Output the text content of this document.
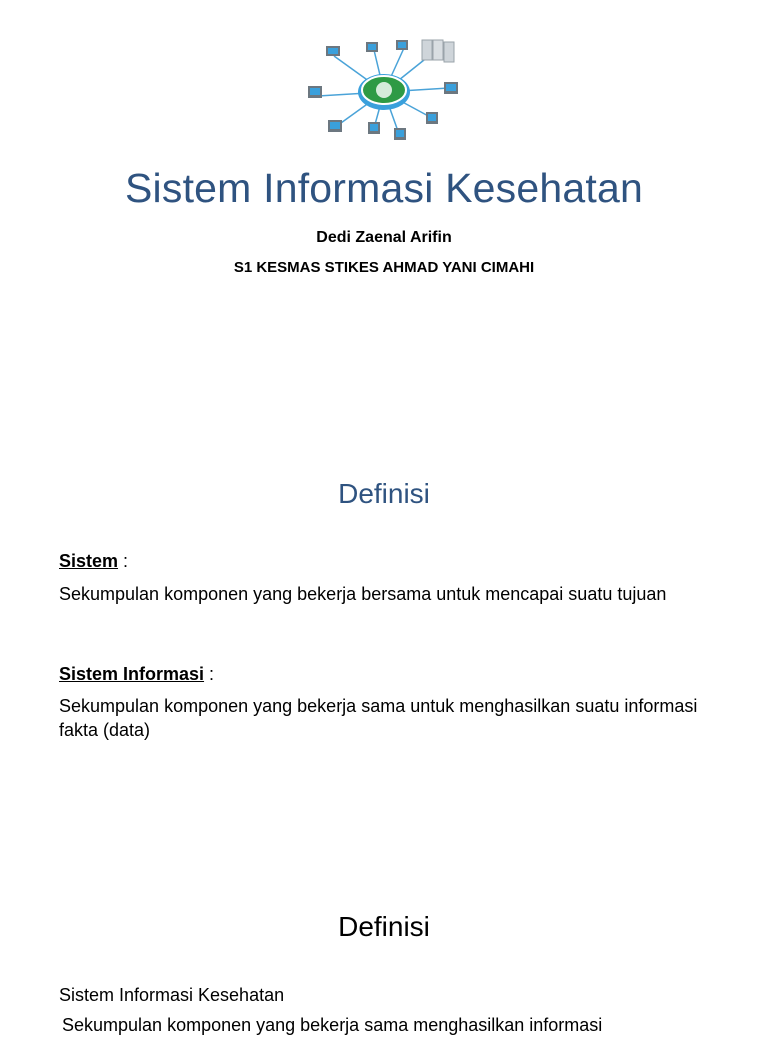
Sistem Informasi Kesehatan
Dedi Zaenal Arifin
S1 KESMAS STIKES AHMAD YANI CIMAHI
Definisi
Sistem :
Sekumpulan komponen yang bekerja bersama untuk mencapai suatu tujuan
Sistem Informasi :
Sekumpulan komponen yang bekerja sama untuk menghasilkan suatu informasi fakta (data)
Definisi
Sistem Informasi Kesehatan
Sekumpulan komponen yang bekerja sama menghasilkan informasi
